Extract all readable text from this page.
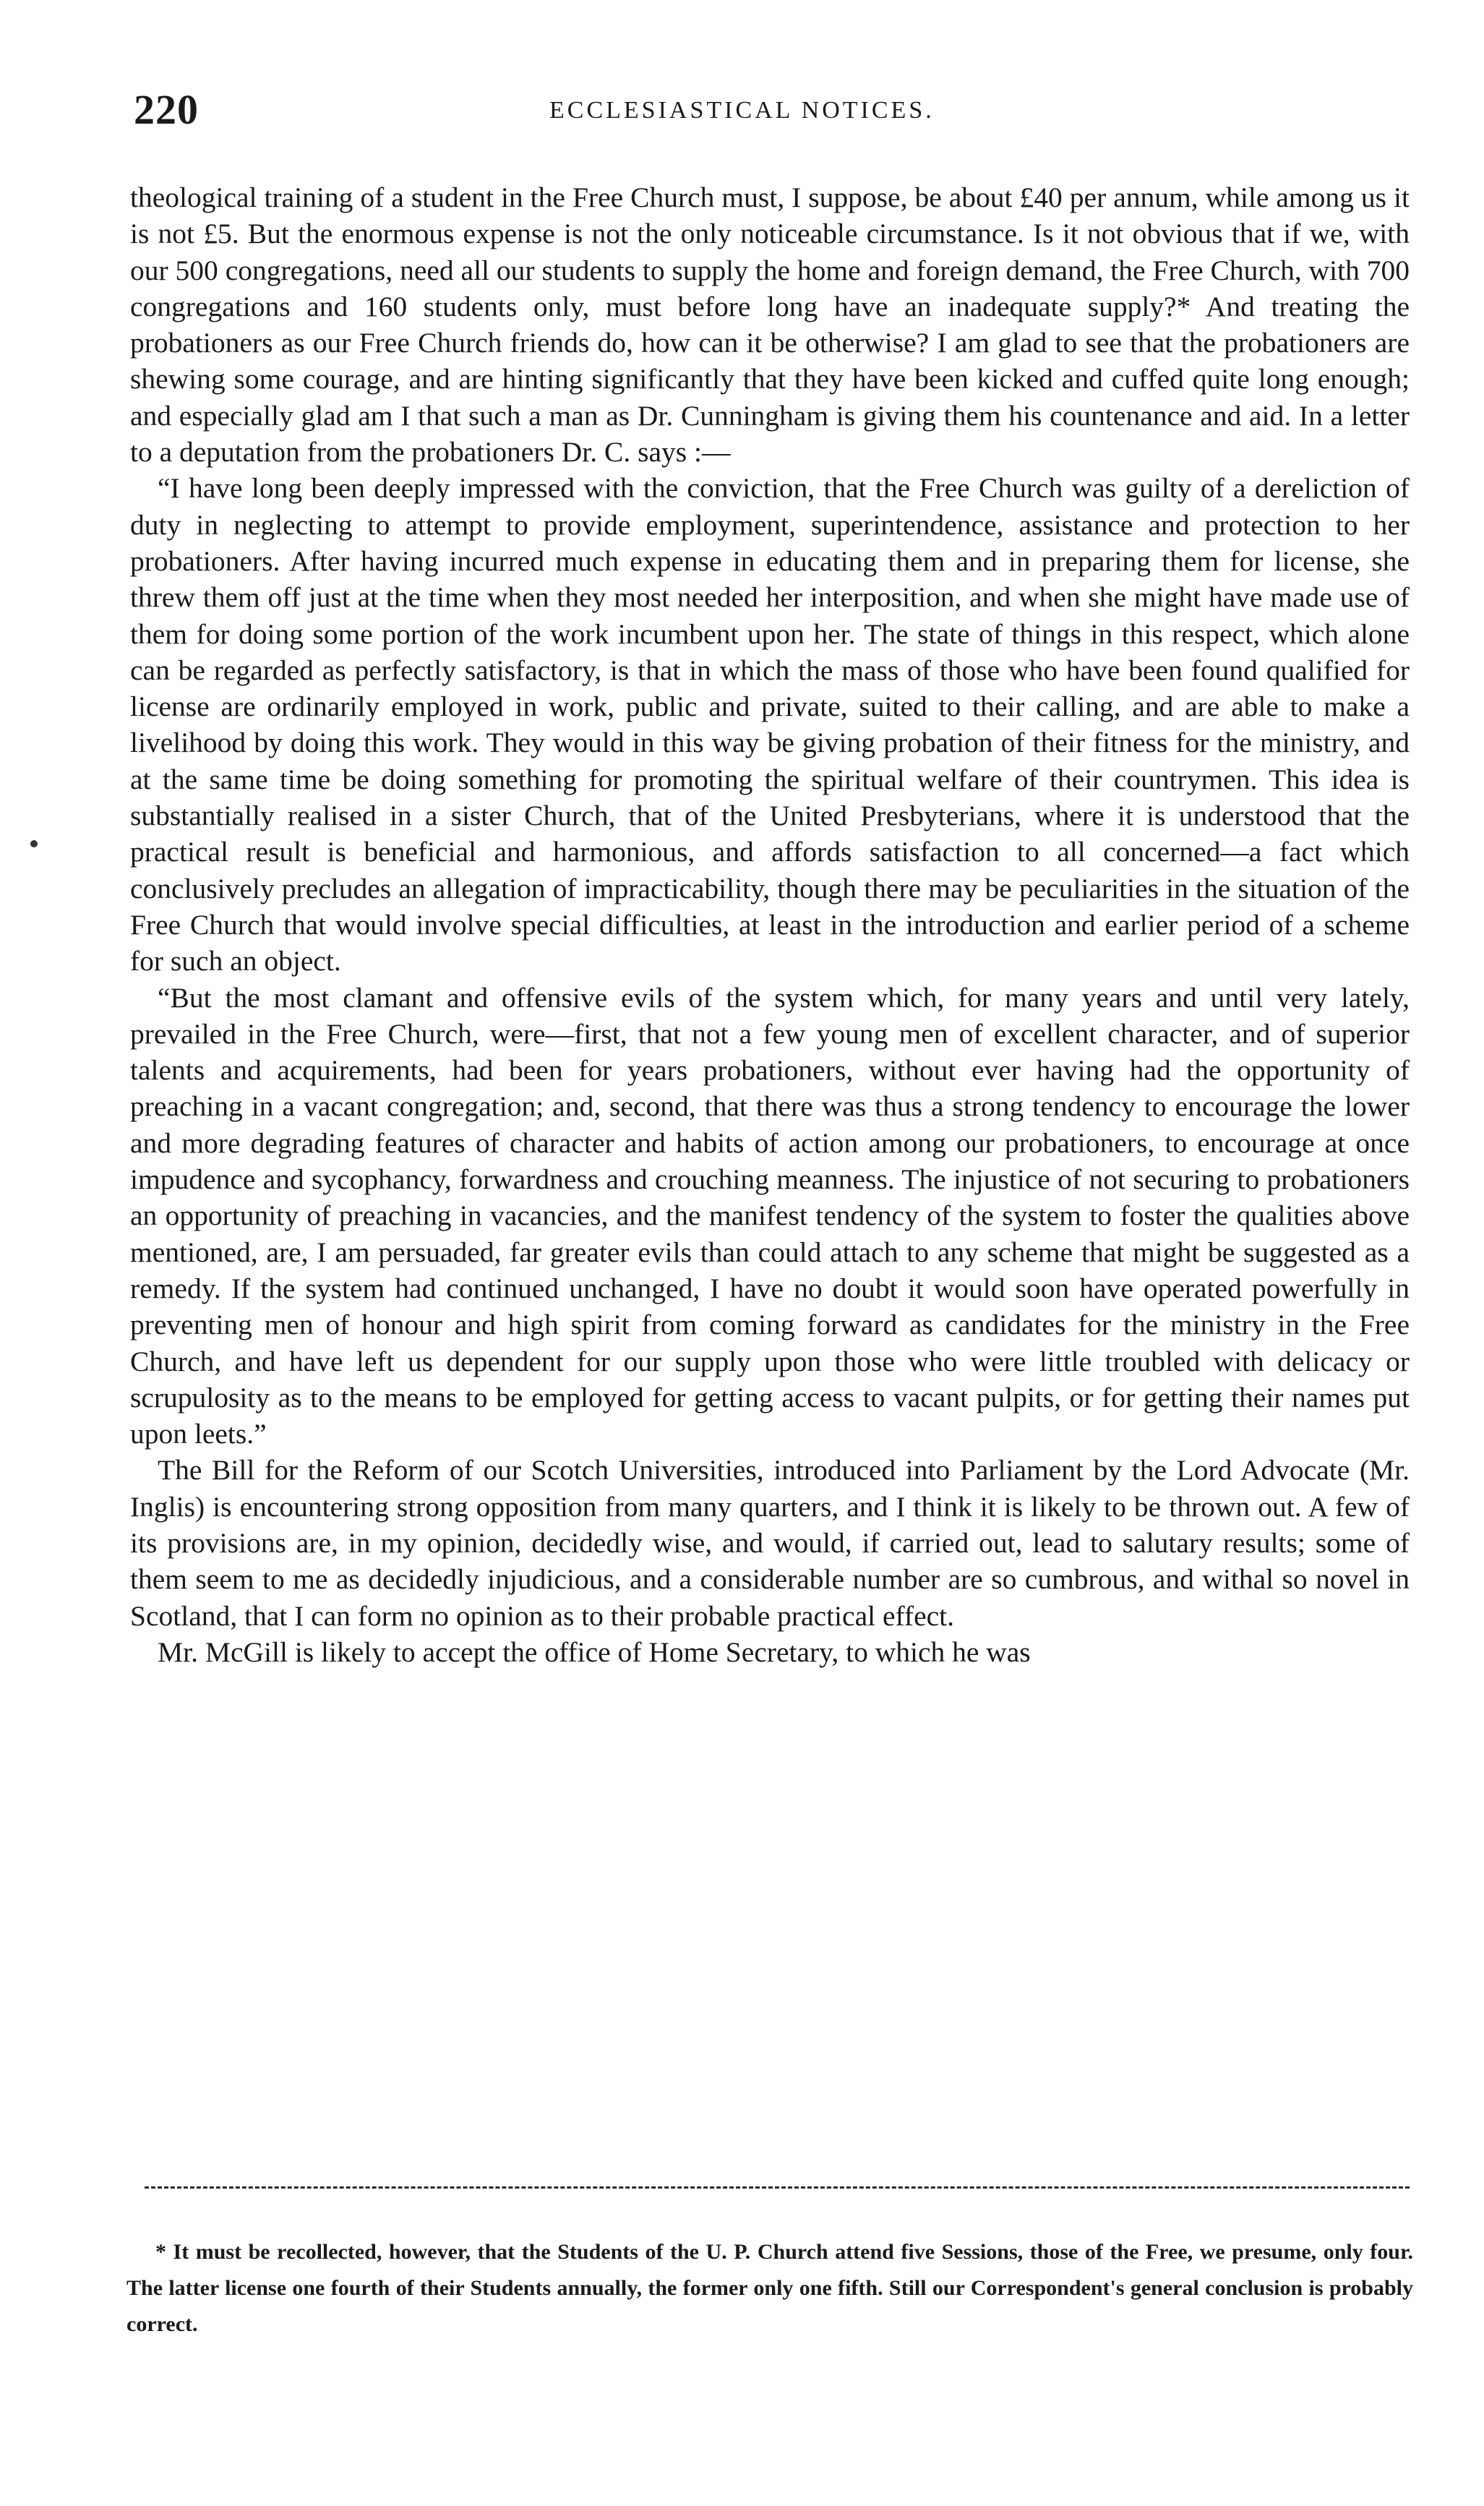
220	ECCLESIASTICAL NOTICES.

theological training of a student in the Free Church must, I suppose, be about £40 per annum, while among us it is not £5. But the enormous expense is not the only noticeable circumstance. Is it not obvious that if we, with our 500 congregations, need all our students to supply the home and foreign demand, the Free Church, with 700 congregations and 160 students only, must before long have an inadequate supply?* And treating the probationers as our Free Church friends do, how can it be otherwise? I am glad to see that the probationers are shewing some courage, and are hinting significantly that they have been kicked and cuffed quite long enough; and especially glad am I that such a man as Dr. Cunningham is giving them his countenance and aid. In a letter to a deputation from the probationers Dr. C. says :—

“I have long been deeply impressed with the conviction, that the Free Church was guilty of a dereliction of duty in neglecting to attempt to provide employment, superintendence, assistance and protection to her probationers. After having incurred much expense in educating them and in preparing them for license, she threw them off just at the time when they most needed her interposition, and when she might have made use of them for doing some portion of the work incumbent upon her. The state of things in this respect, which alone can be regarded as perfectly satisfactory, is that in which the mass of those who have been found qualified for license are ordinarily employed in work, public and private, suited to their calling, and are able to make a livelihood by doing this work. They would in this way be giving probation of their fitness for the ministry, and at the same time be doing something for promoting the spiritual welfare of their countrymen. This idea is substantially realised in a sister Church, that of the United Presbyterians, where it is understood that the practical result is beneficial and harmonious, and affords satisfaction to all concerned—a fact which conclusively precludes an allegation of impracticability, though there may be peculiarities in the situation of the Free Church that would involve special difficulties, at least in the introduction and earlier period of a scheme for such an object.

“But the most clamant and offensive evils of the system which, for many years and until very lately, prevailed in the Free Church, were—first, that not a few young men of excellent character, and of superior talents and acquirements, had been for years probationers, without ever having had the opportunity of preaching in a vacant congregation; and, second, that there was thus a strong tendency to encourage the lower and more degrading features of character and habits of action among our probationers, to encourage at once impudence and sycophancy, forwardness and crouching meanness. The injustice of not securing to probationers an opportunity of preaching in vacancies, and the manifest tendency of the system to foster the qualities above mentioned, are, I am persuaded, far greater evils than could attach to any scheme that might be suggested as a remedy. If the system had continued unchanged, I have no doubt it would soon have operated powerfully in preventing men of honour and high spirit from coming forward as candidates for the ministry in the Free Church, and have left us dependent for our supply upon those who were little troubled with delicacy or scrupulosity as to the means to be employed for getting access to vacant pulpits, or for getting their names put upon leets.”

The Bill for the Reform of our Scotch Universities, introduced into Parliament by the Lord Advocate (Mr. Inglis) is encountering strong opposition from many quarters, and I think it is likely to be thrown out. A few of its provisions are, in my opinion, decidedly wise, and would, if carried out, lead to salutary results; some of them seem to me as decidedly injudicious, and a considerable number are so cumbrous, and withal so novel in Scotland, that I can form no opinion as to their probable practical effect.

Mr. McGill is likely to accept the office of Home Secretary, to which he was

* It must be recollected, however, that the Students of the U. P. Church attend five Sessions, those of the Free, we presume, only four. The latter license one fourth of their Students annually, the former only one fifth. Still our Correspondent's general conclusion is probably correct.
